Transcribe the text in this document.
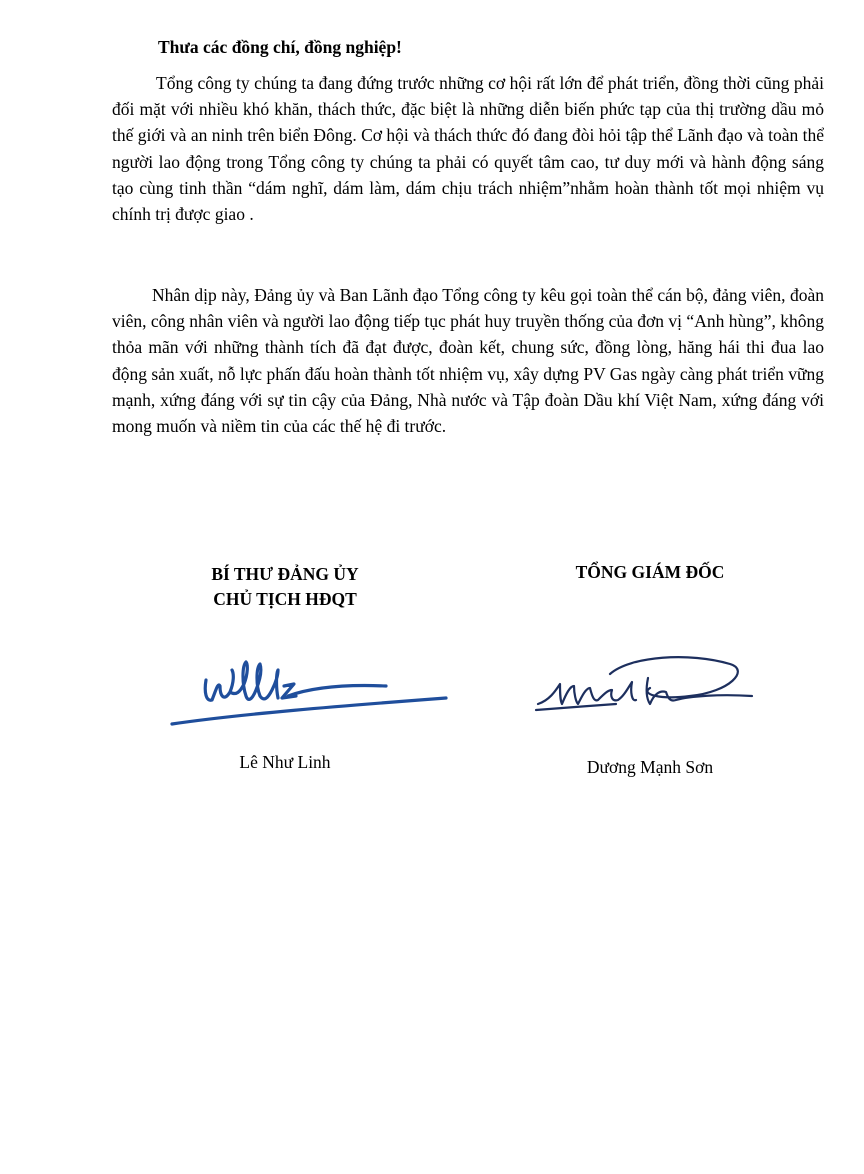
Thưa các đồng chí, đồng nghiệp!

Tổng công ty chúng ta đang đứng trước những cơ hội rất lớn để phát triển, đồng thời cũng phải đối mặt với nhiều khó khăn, thách thức, đặc biệt là những diễn biến phức tạp của thị trường dầu mỏ thế giới và an ninh trên biển Đông. Cơ hội và thách thức đó đang đòi hỏi tập thể Lãnh đạo và toàn thể người lao động trong Tổng công ty chúng ta phải có quyết tâm cao, tư duy mới và hành động sáng tạo cùng tinh thần “dám nghĩ, dám làm, dám chịu trách nhiệm”nhằm hoàn thành tốt mọi nhiệm vụ chính trị được giao .

Nhân dịp này, Đảng ủy và Ban Lãnh đạo Tổng công ty kêu gọi toàn thể cán bộ, đảng viên, đoàn viên, công nhân viên và người lao động tiếp tục phát huy truyền thống của đơn vị “Anh hùng”, không thỏa mãn với những thành tích đã đạt được, đoàn kết, chung sức, đồng lòng, hăng hái thi đua lao động sản xuất, nỗ lực phấn đấu hoàn thành tốt nhiệm vụ, xây dựng PV Gas ngày càng phát triển vững mạnh, xứng đáng với sự tin cậy của Đảng, Nhà nước và Tập đoàn Dầu khí Việt Nam, xứng đáng với mong muốn và niềm tin của các thế hệ đi trước.

BÍ THƯ ĐẢNG ỦY

CHỦ TỊCH HĐQT

Lê Như Linh

TỔNG GIÁM ĐỐC

Dương Mạnh Sơn
